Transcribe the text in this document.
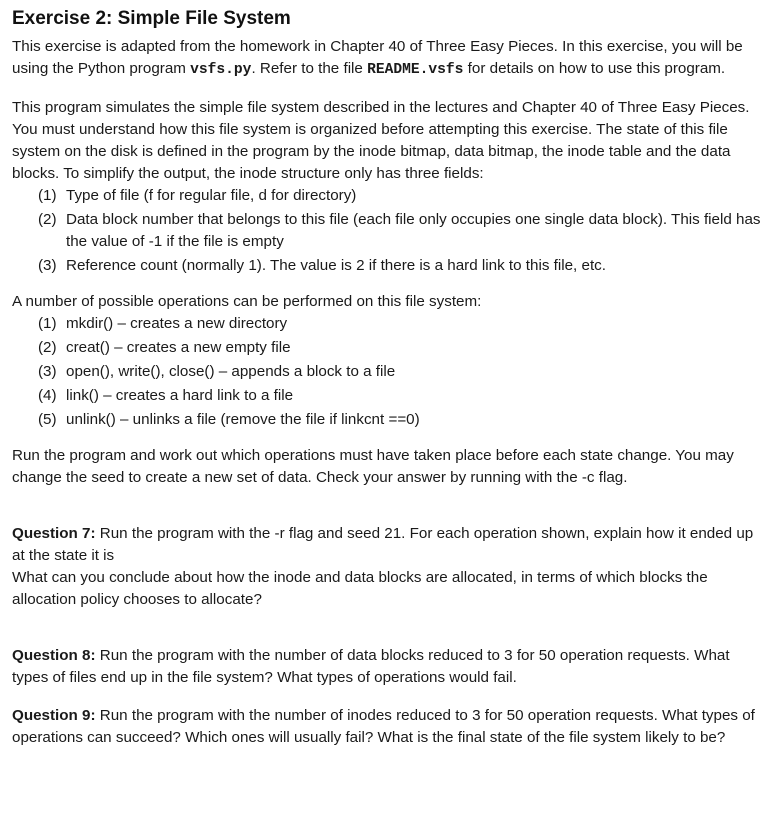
Exercise 2: Simple File System

This exercise is adapted from the homework in Chapter 40 of Three Easy Pieces. In this exercise, you will be using the Python program vsfs.py. Refer to the file README.vsfs for details on how to use this program.

This program simulates the simple file system described in the lectures and Chapter 40 of Three Easy Pieces. You must understand how this file system is organized before attempting this exercise. The state of this file system on the disk is defined in the program by the inode bitmap, data bitmap, the inode table and the data blocks. To simplify the output, the inode structure only has three fields:

(1) Type of file (f for regular file, d for directory)
(2) Data block number that belongs to this file (each file only occupies one single data block). This field has the value of -1 if the file is empty
(3) Reference count (normally 1). The value is 2 if there is a hard link to this file, etc.

A number of possible operations can be performed on this file system:

(1) mkdir() – creates a new directory
(2) creat() – creates a new empty file
(3) open(), write(), close() – appends a block to a file
(4) link() – creates a hard link to a file
(5) unlink() – unlinks a file (remove the file if linkcnt ==0)

Run the program and work out which operations must have taken place before each state change. You may change the seed to create a new set of data. Check your answer by running with the -c flag.

Question 7: Run the program with the -r flag and seed 21. For each operation shown, explain how it ended up at the state it is

What can you conclude about how the inode and data blocks are allocated, in terms of which blocks the allocation policy chooses to allocate?

Question 8: Run the program with the number of data blocks reduced to 3 for 50 operation requests. What types of files end up in the file system? What types of operations would fail.

Question 9: Run the program with the number of inodes reduced to 3 for 50 operation requests. What types of operations can succeed? Which ones will usually fail? What is the final state of the file system likely to be?
